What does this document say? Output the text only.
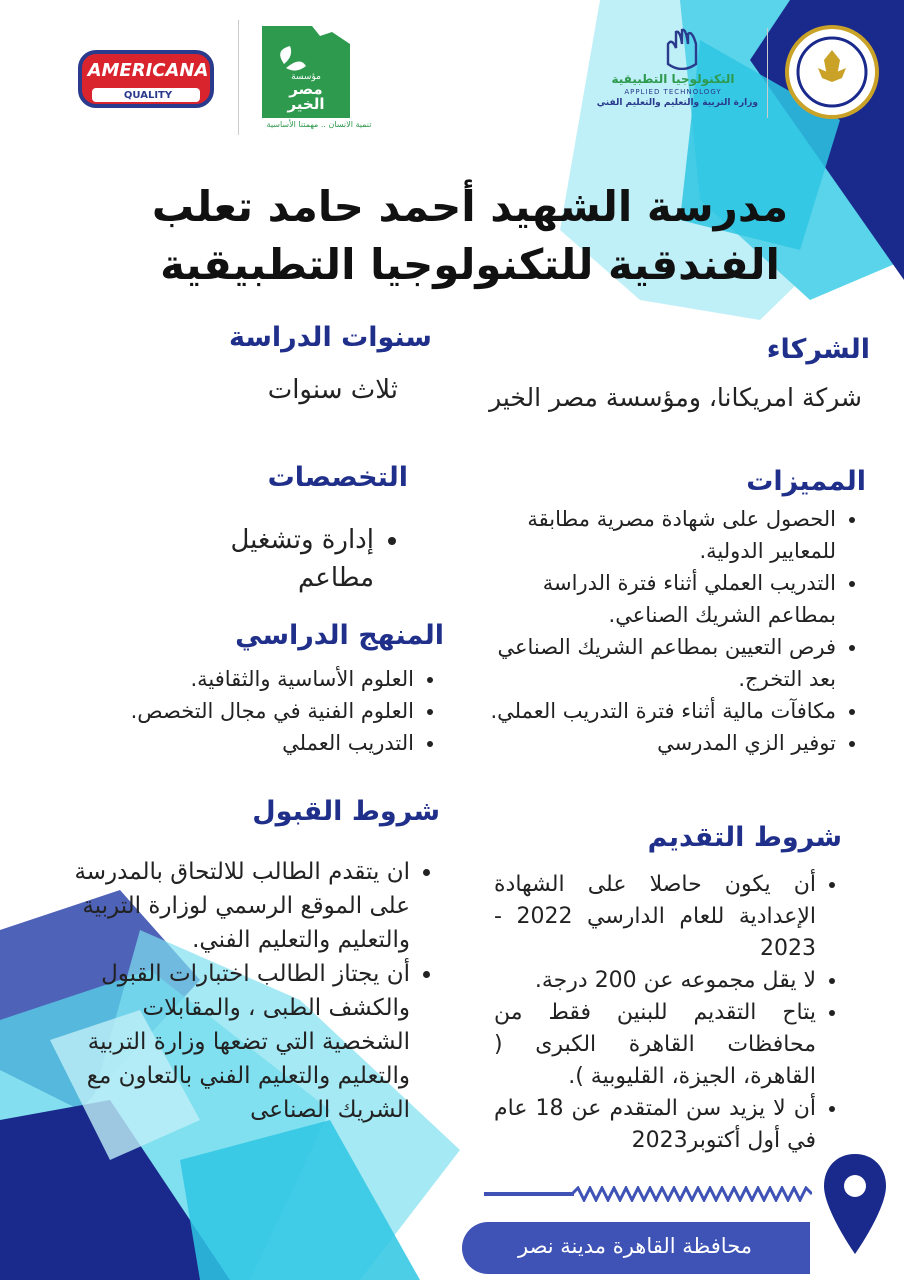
AMERICANA
QUALITY
مؤسسة
مصر الخير
تنمية الانسان .. مهمتنا الأساسية
التكنولوجيا التطبيقية
APPLIED TECHNOLOGY
وزارة التربية والتعليم والتعليم الفني
مدرسة الشهيد أحمد حامد تعلب
الفندقية للتكنولوجيا التطبيقية
الشركاء

شركة امريكانا، ومؤسسة مصر الخير

المميزات
• الحصول على شهادة مصرية مطابقة للمعايير الدولية.
• التدريب العملي أثناء فترة الدراسة بمطاعم الشريك الصناعي.
• فرص التعيين بمطاعم الشريك الصناعي بعد التخرج.
• مكافآت مالية أثناء فترة التدريب العملي.
• توفير الزي المدرسي
شروط التقديم
• أن يكون حاصلا على الشهادة الإعدادية للعام الدارسي 2022 - 2023
• لا يقل مجموعه عن 200 درجة.
• يتاح التقديم للبنين فقط من محافظات القاهرة الكبرى ( القاهرة، الجيزة، القليوبية ).
• أن لا يزيد سن المتقدم عن 18 عام في أول أكتوبر2023
سنوات الدراسة

ثلاث سنوات

التخصصات
• إدارة وتشغيل مطاعم
المنهج الدراسي
• العلوم الأساسية والثقافية.
• العلوم الفنية في مجال التخصص.
• التدريب العملي
شروط القبول
• ان يتقدم الطالب للالتحاق بالمدرسة على الموقع الرسمي لوزارة التربية والتعليم والتعليم الفني.
• أن يجتاز الطالب اختبارات القبول والكشف الطبى ، والمقابلات الشخصية التي تضعها وزارة التربية والتعليم والتعليم الفني بالتعاون مع الشريك الصناعى
محافظة القاهرة مدينة نصر
